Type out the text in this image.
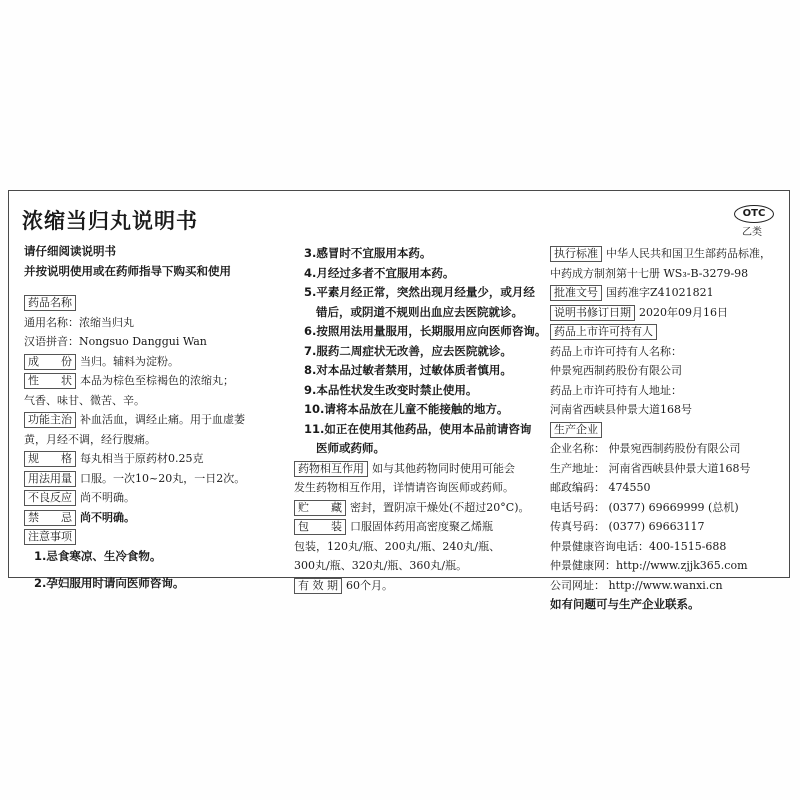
浓缩当归丸说明书	OTC
乙类
请仔细阅读说明书
并按说明使用或在药师指导下购买和使用
药品名称
通用名称：浓缩当归丸
汉语拼音：Nongsuo Danggui Wan
成　　份 当归。辅料为淀粉。
性　　状 本品为棕色至棕褐色的浓缩丸；
气香、味甘、微苦、辛。
功能主治 补血活血，调经止痛。用于血虚萎
黄，月经不调，经行腹痛。
规　　格 每丸相当于原药材0.25克
用法用量 口服。一次10~20丸，一日2次。
不良反应 尚不明确。
禁　　忌 尚不明确。
注意事项
1.忌食寒凉、生冷食物。
2.孕妇服用时请向医师咨询。
3.感冒时不宜服用本药。
4.月经过多者不宜服用本药。
5.平素月经正常，突然出现月经量少，或月经
错后，或阴道不规则出血应去医院就诊。
6.按照用法用量服用，长期服用应向医师咨询。
7.服药二周症状无改善，应去医院就诊。
8.对本品过敏者禁用，过敏体质者慎用。
9.本品性状发生改变时禁止使用。
10.请将本品放在儿童不能接触的地方。
11.如正在使用其他药品，使用本品前请咨询
医师或药师。
药物相互作用 如与其他药物同时使用可能会
发生药物相互作用，详情请咨询医师或药师。
贮　　藏 密封，置阴凉干燥处(不超过20°C)。
包　　装 口服固体药用高密度聚乙烯瓶
包装，120丸/瓶、200丸/瓶、240丸/瓶、
300丸/瓶、320丸/瓶、360丸/瓶。
有 效 期 60个月。
执行标准 中华人民共和国卫生部药品标准，
中药成方制剂第十七册 WS₃-B-3279-98
批准文号 国药准字Z41021821
说明书修订日期 2020年09月16日
药品上市许可持有人
药品上市许可持有人名称：
仲景宛西制药股份有限公司
药品上市许可持有人地址：
河南省西峡县仲景大道168号
生产企业
企业名称： 仲景宛西制药股份有限公司
生产地址： 河南省西峡县仲景大道168号
邮政编码： 474550
电话号码： (0377) 69669999 (总机)
传真号码： (0377) 69663117
仲景健康咨询电话：400-1515-688
仲景健康网：http://www.zjjk365.com
公司网址： http://www.wanxi.cn
如有问题可与生产企业联系。
